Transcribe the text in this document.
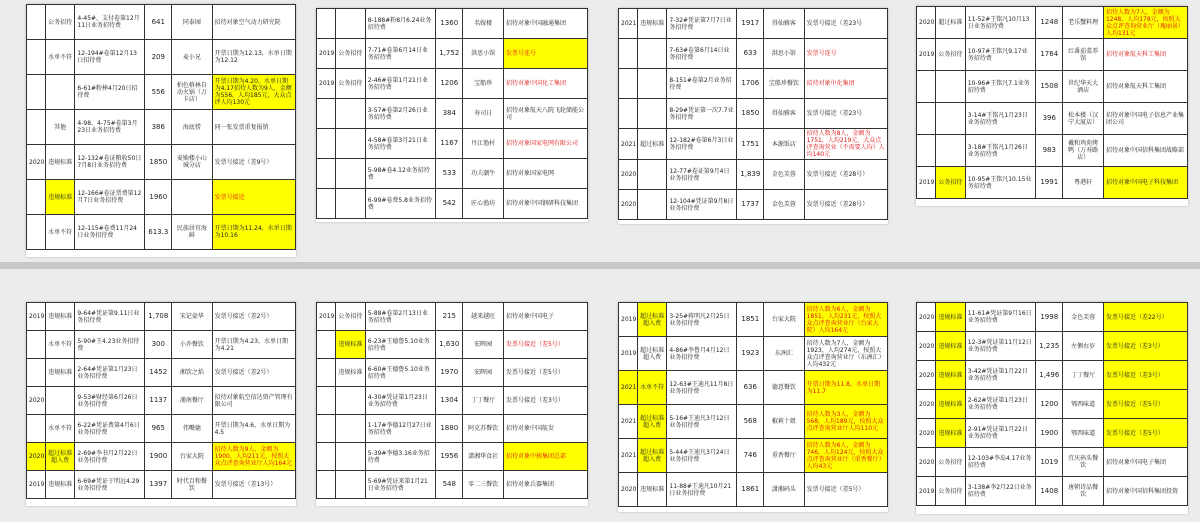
	公务招待	4-45#，支付卷第12月11日业务招待费	641	同泰园	招待对象空气动力研究院
	水单不符	12-194#卷第12月13日招待费	209	麦小兄	开票日期为12.13，水单日期为12.12
		6-61#粉棒4月20日招待费	556	柏色格林自动火锅（万卡店）	开票日期为4.20，水单日期为4.17招待人数为9人，金额为556，人均185元，大众点评人均130元
	其他	4-98、4-75#卷第3月23日业务招待费	386	海底捞	同一张发票重复报销
2020	违规标准	12-132#卷证粮收50日7月8日业务招待费	1850	麦贻楼小山城分店	发票号接近（差9号）
	违规标准	12-166#卷证票费第12月7日业务招待费	1960		发票号接近
	水单不符	12-115#卷费11月24日业务招待费	613.3	民族居官海鲜	开票日期为11.24，水单日期为10.16
		8-188#粉8月6.24业务招待费	1360	名嫁楼	招待对象中国融通集团
2019	公务招待	7-71#卷第6月14日业务招待费	1,752	洪思小馆	发票号连号
2019	公务招待	2-46#卷第1月21日业务招待费	1206	宝船珍	招待对象中国化工集团
		3-57#卷第2月26日业务招待费	384	寿司日	招待对象航天八院飞轮储能公司
		4-58#卷第3月21日业务招待费	1167	丹江渔村	招待对象国家电网有限公司
		5-98#卷4.12业务招待费	533	功夫潮牛	招待对象国家电网
		6-99#卷费5.8业务招待费	542	匠心渔坊	招待对象中国钢研科技集团
2021	违规标准	7-32#凭证第7月7日业务招待费	1917	得仙雅客	发票号接近（差23号
		7-63#卷第6月14日业务招待费	633	洪思小馆	发票号连号
		8-151#卷第2月业务招待费	1706	宝船珍餐饮	招待对象中化集团
		8-29#凭证第一次7.7业务招待费	1850	得仙雅客	发票号接近（差23号
2021	超过标准	12-182#卷第6月3日业务招待费	1751	本源饭店	招待人数为8人，金额为1751，人均219元，大众点评查询营业（不需要人均）人均140元
2020		12-77#卷证第9月4日业务招待费	1,839	金色芙蓉	发票号接近（差28号）
2020		12-104#凭证第9月8日业务招待费	1737	金色芙蓉	发票号接近（差28号）
2020	超过标准	11-52#王铭凡10月13日业务招待费	1248	老乐蟹料理	招待人数为7人，金额为1248，人均178元，按照大众点评查询营业厅（瑰丽景）人均131元
2019	公务招待	10-97#王铭凡9.17业务招待费	1764	红番茄菜养馆	招待对象航天科工集团
		10-96#王铭凡7.1业务招待费	1508	世纪华天大酒店	招待对象航天科工集团
		3-14#王铭凡1月23日业务招待费	396	松本楼（汉宁大厦店）	招待对象中国电子信息产业集团公司
		3-18#王铭凡1月26日业务招待费	983	戴和鸡苑烤鸭（万寿路店）	招待对象中国信科集团战略部
2019	公务招待	10-95#王铭凡10.15业务招待费	1991	粤港轩	招待对象中国电子科技集团
2019	违规标准	9-64#凭证第9.11日业务招待费	1,708	宋记豪华	发票号接近（差2号）
	水单不符	5-90#王4.23业务招待费	300	小乔餐饮	开票日期为4.23，水单日期为4.21
	违规标准	2-64#凭证第1月23日业务招待费	1452	湘饮之焰	发票号接近（差2号）
2020		9-53#财经第6月26日业务招待费	1137	浦南餐厅	招待对象航空信达资产管理有限公司
	水单不符	6-22#凭证费第4月6日业务招待费	965	伟嘴德	开票日期为4.6，水单日期为4.5
2020	超过标准超入费	2-69#李书月2月22日业务招待费	1900	台家大院	招待人数为9人，金额为1900，人均211元，按照大众点评查询营业厅人均164元
2019	违规标准	6-69#凭证于明远4.29业务招待费	1397	时代百和餐饮	发票号接近（差13号）
2019	公务招待	5-88#卷第2月13日业务招待费	215	越来越旺	招待对象中国电子
	违规标准	6-23#王德鲁5.10业务招待费	1,630	宏晖园	发票号接近（差5号）
	违规标准	6-60#王德鲁5.10业务招待费	1970	宏晖园	发票号接近（差5号）
		4-30#凭证第1月23日业务招待费	1304	丁丁餐厅	发票号接近（差3号）
		1-17#李德12月27日业务招待费	1880	阿克苏餐饮	招待对象中国航发
		5-39#李德3.16业务招待费	1956	潇湘华食社	招待对象中核集团总部
		5-69#凭证来第1月21日业务招待费	548	零二三餐饮	招待对象兵器集团
2019	超过标准超入费	3-25#蒋明凡2月25日业务招待费	1851	台家大院	招待人数为6人，金额为1851，人均231元，按照大众点评查询营业厅（台家大院）人均164元
2019	超过标准超入费	4-86#李鲁月4月12日业务招待费	1923	东洲汇	招待人数为7人，金额为1923，人均274元，按照大众点评查询营业厅（东洲汇）人均432元
2021	水单不符	12-63#王迪凡11月8日业务招待费	636	德意餐饮	开票日期为11.8，水单日期为11.7
2021	超过标准超入费	5-16#王迪凡3月12日业务招待费	568	椒莉十姐	招待人数为3人，金额为568，人均189元，按照大众点评查询营业厅人均110元
2021	超过标准超入费	5-44#王迪凡3月24日业务招待费	746	重香餐厅	招待人数为6人，金额为746，人均124元，按照大众点评查询营业厅（重香餐厅）人均43元
2020	违规标准	11-88#王迪凡10月21日业务招待费	1861	潇湘码头	发票号接近（差5号）
2020	违规标准	11-61#凭证第9月16日业务招待费	1998	金色芙蓉	发票号接近（差22号）
2020	违规标准	12-3#凭证第11月12日业务招待费	1,235	左侧右岁	发票号接近（差3号）
2020	违规标准	3-42#凭证第1月22日业务招待费	1,496	丁丁餐厅	发票号接近（差3号）
2020	违规标准	2-62#凭证第1月23日业务招待费	1200	鄂西味道	发票号接近（差5号）
2020	违规标准	2-91#凭证第1月22日业务招待费	1900	鄂西味道	发票号接近（差5号）
2020	公务招待	12-103#李岛4.17业务招待费	1019	宜庆码头餐饮	招待对象中国电子集团
2019	公务招待	3-138#李2月22日业务招待费	1408	唐朝诗品餐饮	招待对象中国信科集团投资
